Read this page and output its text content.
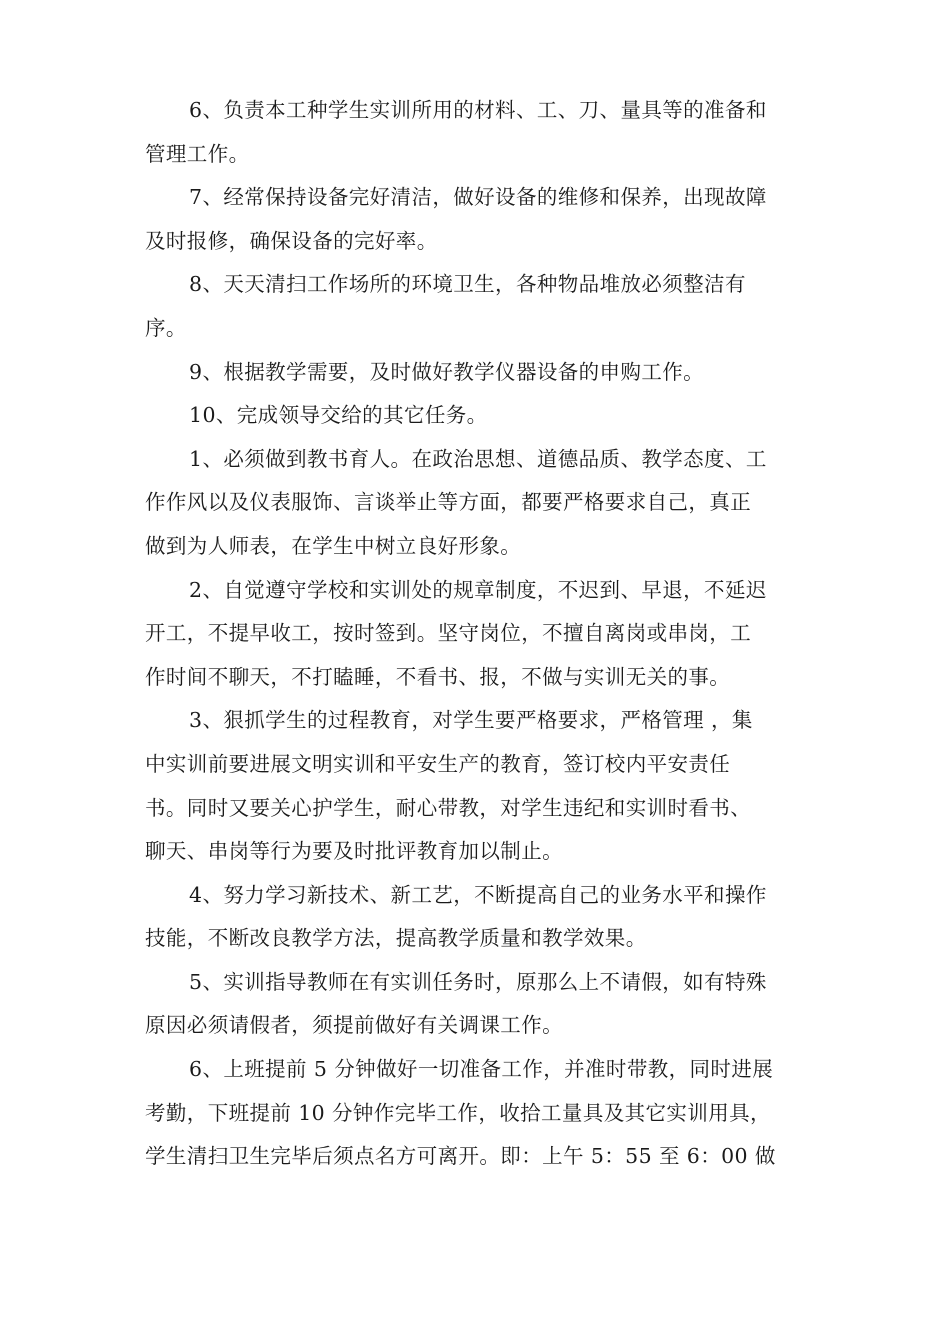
6、负责本工种学生实训所用的材料、工、刀、量具等的准备和
管理工作。
7、经常保持设备完好清洁，做好设备的维修和保养，出现故障
及时报修，确保设备的完好率。
8、天天清扫工作场所的环境卫生，各种物品堆放必须整洁有
序。
9、根据教学需要，及时做好教学仪器设备的申购工作。
10、完成领导交给的其它任务。
1、必须做到教书育人。在政治思想、道德品质、教学态度、工
作作风以及仪表服饰、言谈举止等方面，都要严格要求自己，真正
做到为人师表，在学生中树立良好形象。
2、自觉遵守学校和实训处的规章制度，不迟到、早退，不延迟
开工，不提早收工，按时签到。坚守岗位，不擅自离岗或串岗，工
作时间不聊天，不打瞌睡，不看书、报，不做与实训无关的事。
3、狠抓学生的过程教育，对学生要严格要求，严格管理 ，集
中实训前要进展文明实训和平安生产的教育，签订校内平安责任
书。同时又要关心护学生，耐心带教，对学生违纪和实训时看书、
聊天、串岗等行为要及时批评教育加以制止。
4、努力学习新技术、新工艺，不断提高自己的业务水平和操作
技能，不断改良教学方法，提高教学质量和教学效果。
5、实训指导教师在有实训任务时，原那么上不请假，如有特殊
原因必须请假者，须提前做好有关调课工作。
6、上班提前 5 分钟做好一切准备工作，并准时带教，同时进展
考勤，下班提前 10 分钟作完毕工作，收拾工量具及其它实训用具，
学生清扫卫生完毕后须点名方可离开。即：上午 5：55 至 6：00 做
